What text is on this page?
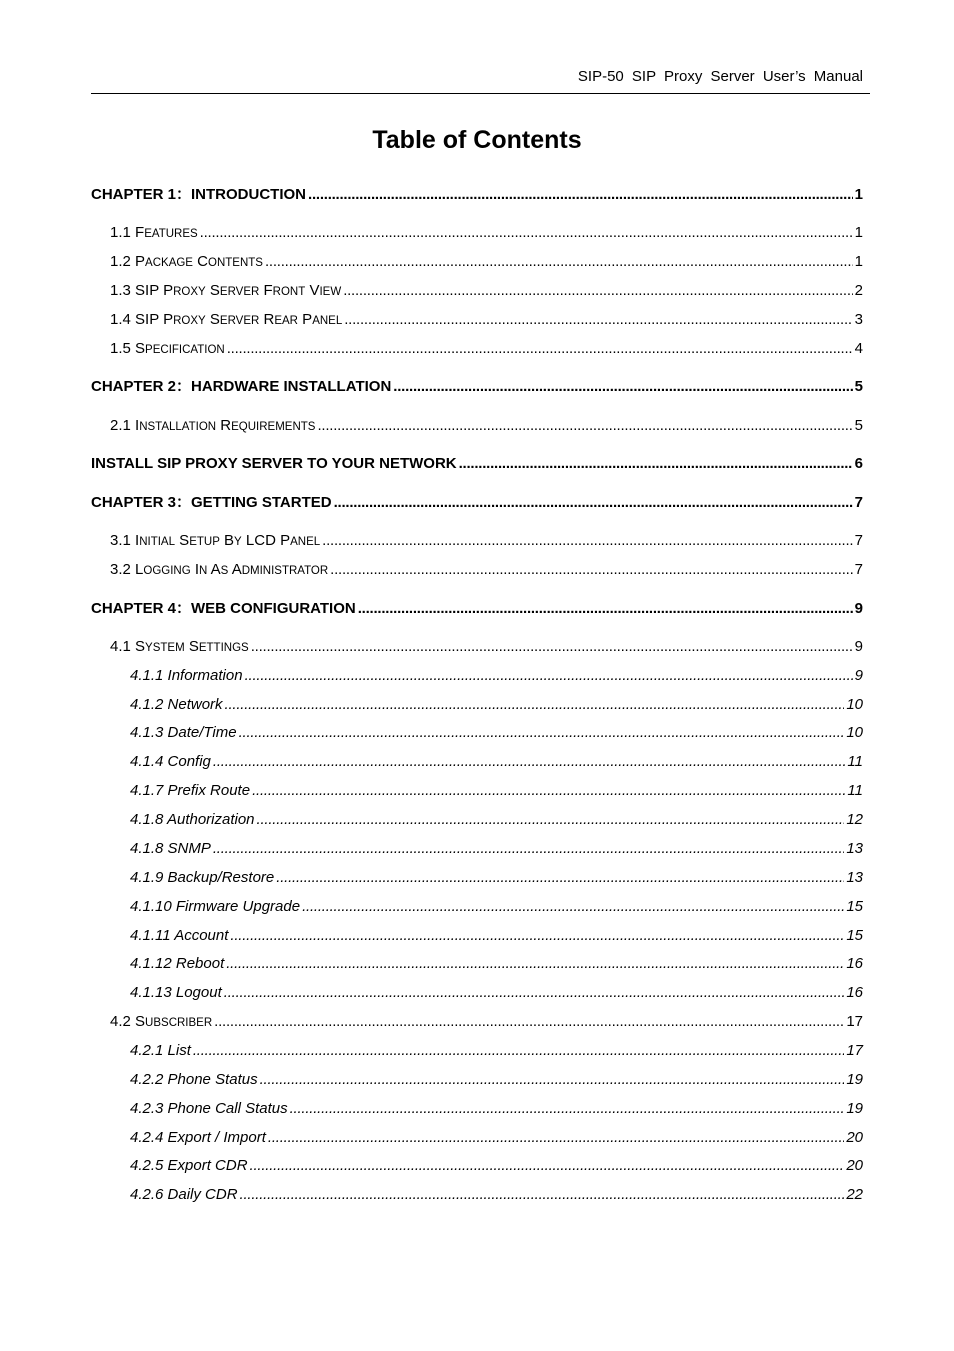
SIP-50 SIP Proxy Server User’s Manual
Table of Contents
CHAPTER 1：INTRODUCTION . . .	1
1.1 FEATURES . . .	1
1.2 PACKAGE CONTENTS . . .	1
1.3 SIP PROXY SERVER FRONT VIEW . . .	2
1.4 SIP PROXY SERVER REAR PANEL . . .	3
1.5 SPECIFICATION . . .	4
CHAPTER 2：HARDWARE INSTALLATION . . .	5
2.1 INSTALLATION REQUIREMENTS . . .	5
INSTALL SIP PROXY SERVER TO YOUR NETWORK . . .	6
CHAPTER 3：GETTING STARTED . . .	7
3.1 INITIAL SETUP BY LCD PANEL . . .	7
3.2 LOGGING IN AS ADMINISTRATOR . . .	7
CHAPTER 4：WEB CONFIGURATION . . .	9
4.1 SYSTEM SETTINGS . . .	9
4.1.1 Information . . .	9
4.1.2 Network . . .	10
4.1.3 Date/Time . . .	10
4.1.4 Config . . .	11
4.1.7 Prefix Route . . .	11
4.1.8 Authorization . . .	12
4.1.8 SNMP . . .	13
4.1.9 Backup/Restore . . .	13
4.1.10 Firmware Upgrade . . .	15
4.1.11 Account . . .	15
4.1.12 Reboot . . .	16
4.1.13 Logout . . .	16
4.2 SUBSCRIBER . . .	17
4.2.1 List . . .	17
4.2.2 Phone Status . . .	19
4.2.3 Phone Call Status . . .	19
4.2.4 Export / Import . . .	20
4.2.5 Export CDR . . .	20
4.2.6 Daily CDR . . .	22
